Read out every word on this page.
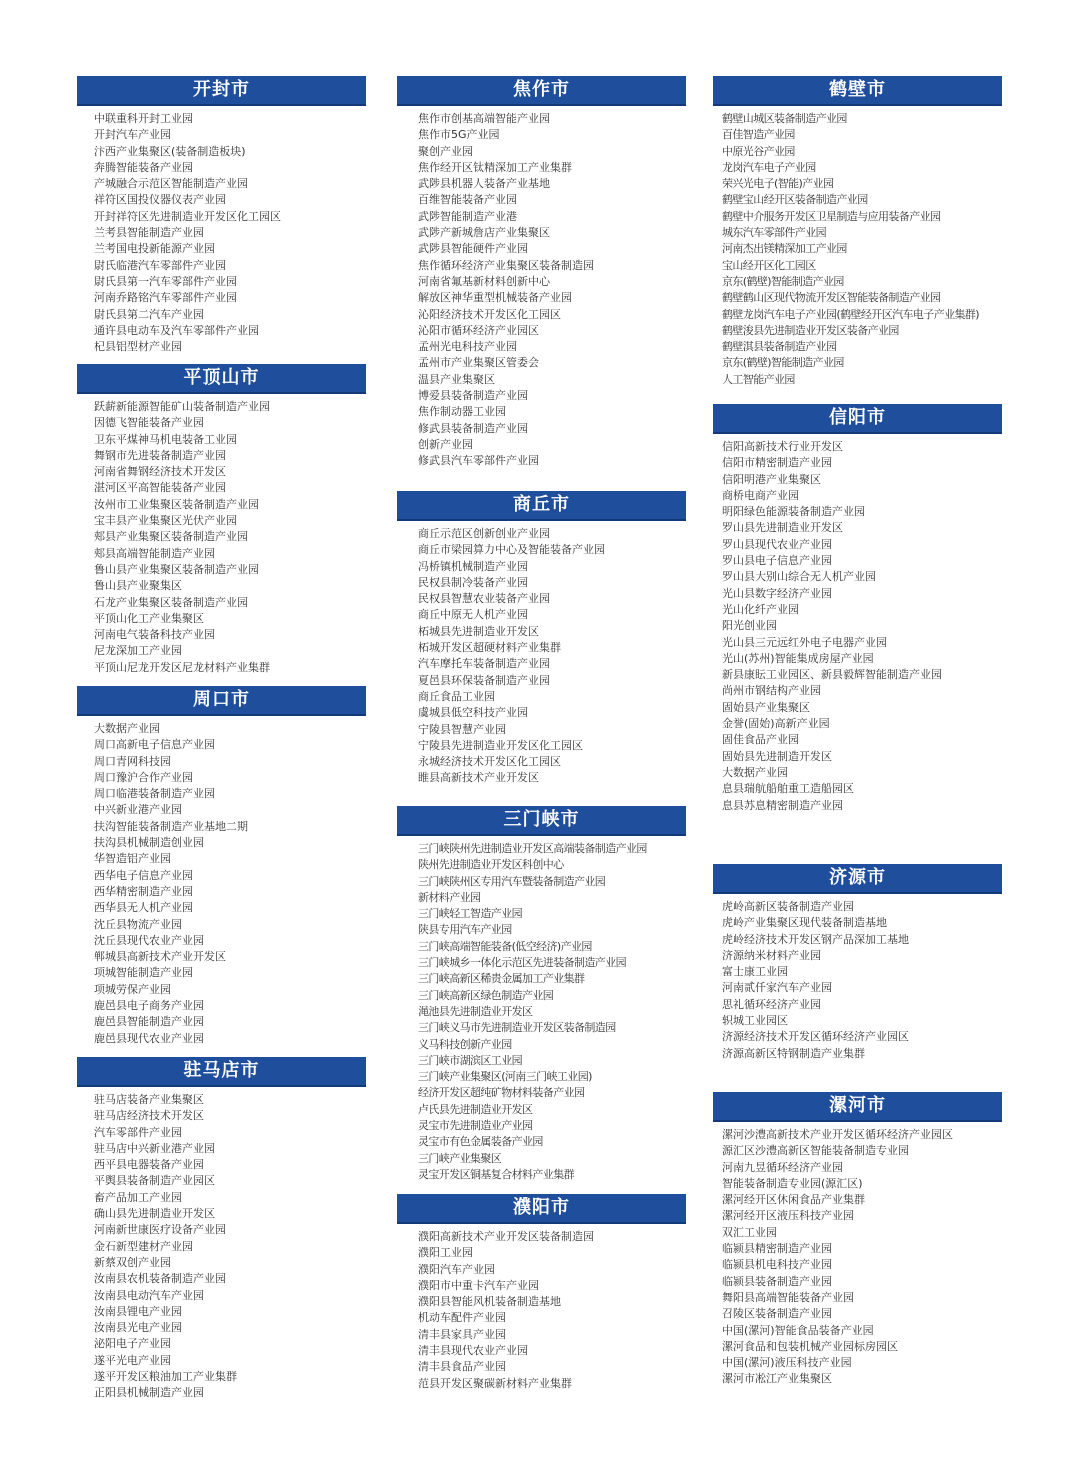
开封市
中联重科开封工业园
开封汽车产业园
汴西产业集聚区(装备制造板块)
奔腾智能装备产业园
产城融合示范区智能制造产业园
祥符区国投仪器仪表产业园
开封祥符区先进制造业开发区化工园区
兰考县智能制造产业园
兰考国电投新能源产业园
尉氏临港汽车零部件产业园
尉氏县第一汽车零部件产业园
河南乔路铭汽车零部件产业园
尉氏县第二汽车产业园
通许县电动车及汽车零部件产业园
杞县铝型材产业园
平顶山市
跃薪新能源智能矿山装备制造产业园
因德飞智能装备产业园
卫东平煤神马机电装备工业园
舞钢市先进装备制造产业园
河南省舞钢经济技术开发区
湛河区平高智能装备产业园
汝州市工业集聚区装备制造产业园
宝丰县产业集聚区光伏产业园
郏县产业集聚区装备制造产业园
郏县高端智能制造产业园
鲁山县产业集聚区装备制造产业园
鲁山县产业聚集区
石龙产业集聚区装备制造产业园
平顶山化工产业集聚区
河南电气装备科技产业园
尼龙深加工产业园
平顶山尼龙开发区尼龙材料产业集群
周口市
大数据产业园
周口高新电子信息产业园
周口青网科技园
周口豫沪合作产业园
周口临港装备制造产业园
中兴新业港产业园
扶沟智能装备制造产业基地二期
扶沟县机械制造创业园
华智造铝产业园
西华电子信息产业园
西华精密制造产业园
西华县无人机产业园
沈丘县物流产业园
沈丘县现代农业产业园
郸城县高新技术产业开发区
项城智能制造产业园
项城劳保产业园
鹿邑县电子商务产业园
鹿邑县智能制造产业园
鹿邑县现代农业产业园
驻马店市
驻马店装备产业集聚区
驻马店经济技术开发区
汽车零部件产业园
驻马店中兴新业港产业园
西平县电器装备产业园
平舆县装备制造产业园区
畜产品加工产业园
确山县先进制造业开发区
河南新世康医疗设备产业园
金石新型建材产业园
新蔡双创产业园
汝南县农机装备制造产业园
汝南县电动汽车产业园
汝南县锂电产业园
汝南县光电产业园
泌阳电子产业园
遂平光电产业园
遂平开发区粮油加工产业集群
正阳县机械制造产业园
焦作市
焦作市创基高端智能产业园
焦作市5G产业园
聚创产业园
焦作经开区钛精深加工产业集群
武陟县机器人装备产业基地
百维智能装备产业园
武陟智能制造产业港
武陟产新城詹店产业集聚区
武陟县智能硬件产业园
焦作循环经济产业集聚区装备制造园
河南省氟基新材料创新中心
解放区神华重型机械装备产业园
沁阳经济技术开发区化工园区
沁阳市循环经济产业园区
孟州光电科技产业园
孟州市产业集聚区管委会
温县产业集聚区
博爱县装备制造产业园
焦作制动器工业园
修武县装备制造产业园
创新产业园
修武县汽车零部件产业园
商丘市
商丘示范区创新创业产业园
商丘市梁园算力中心及智能装备产业园
冯桥镇机械制造产业园
民权县制冷装备产业园
民权县智慧农业装备产业园
商丘中原无人机产业园
柘城县先进制造业开发区
柘城开发区超硬材料产业集群
汽车摩托车装备制造产业园
夏邑县环保装备制造产业园
商丘食品工业园
虞城县低空科技产业园
宁陵县智慧产业园
宁陵县先进制造业开发区化工园区
永城经济技术开发区化工园区
睢县高新技术产业开发区
三门峡市
三门峡陕州先进制造业开发区高端装备制造产业园
陕州先进制造业开发区科创中心
三门峡陕州区专用汽车暨装备制造产业园
新材料产业园
三门峡轻工智造产业园
陕县专用汽车产业园
三门峡高端智能装备(低空经济)产业园
三门峡城乡一体化示范区先进装备制造产业园
三门峡高新区稀贵金属加工产业集群
三门峡高新区绿色制造产业园
渑池县先进制造业开发区
三门峡义马市先进制造业开发区装备制造园
义马科技创新产业园
三门峡市湖滨区工业园
三门峡产业集聚区(河南三门峡工业园)
经济开发区超纯矿物材料装备产业园
卢氏县先进制造业开发区
灵宝市先进制造业产业园
灵宝市有色金属装备产业园
三门峡产业集聚区
灵宝开发区铜基复合材料产业集群
濮阳市
濮阳高新技术产业开发区装备制造园
濮阳工业园
濮阳汽车产业园
濮阳市中重卡汽车产业园
濮阳县智能风机装备制造基地
机动车配件产业园
清丰县家具产业园
清丰县现代农业产业园
清丰县食品产业园
范县开发区聚碳新材料产业集群
鹤壁市
鹤壁山城区装备制造产业园
百佳智造产业园
中原光谷产业园
龙岗汽车电子产业园
荣兴光电子(智能)产业园
鹤壁宝山经开区装备制造产业园
鹤壁中介服务开发区卫星制造与应用装备产业园
城东汽车零部件产业园
河南杰出镁精深加工产业园
宝山经开区化工园区
京东(鹤壁)智能制造产业园
鹤壁鹤山区现代物流开发区智能装备制造产业园
鹤壁龙岗汽车电子产业园(鹤壁经开区汽车电子产业集群)
鹤壁浚县先进制造业开发区装备产业园
鹤壁淇县装备制造产业园
京东(鹤壁)智能制造产业园
人工智能产业园
信阳市
信阳高新技术行业开发区
信阳市精密制造产业园
信阳明港产业集聚区
商桥电商产业园
明阳绿色能源装备制造产业园
罗山县先进制造业开发区
罗山县现代农业产业园
罗山县电子信息产业园
罗山县大别山综合无人机产业园
光山县数字经济产业园
光山化纤产业园
阳光创业园
光山县三元远红外电子电器产业园
光山(苏州)智能集成房屋产业园
新县康眃工业园区、新县毅辉智能制造产业园
尚州市钢结构产业园
固始县产业集聚区
金誉(固始)高新产业园
固佳食品产业园
固始县先进制造开发区
大数据产业园
息县瑞航船舶重工造船园区
息县苏息精密制造产业园
济源市
虎岭高新区装备制造产业园
虎岭产业集聚区现代装备制造基地
虎岭经济技术开发区钢产品深加工基地
济源纳米材料产业园
富士康工业园
河南贰仟家汽车产业园
思礼循环经济产业园
轵城工业园区
济源经济技术开发区循环经济产业园区
济源高新区特钢制造产业集群
漯河市
漯河沙澧高新技术产业开发区循环经济产业园区
源汇区沙澧高新区智能装备制造专业园
河南九昱循环经济产业园
智能装备制造专业园(源汇区)
漯河经开区休闲食品产业集群
漯河经开区液压科技产业园
双汇工业园
临颍县精密制造产业园
临颍县机电科技产业园
临颍县装备制造产业园
舞阳县高端智能装备产业园
召陵区装备制造产业园
中国(漯河)智能食品装备产业园
漯河食品和包装机械产业园标房园区
中国(漯河)液压科技产业园
漯河市凇江产业集聚区
